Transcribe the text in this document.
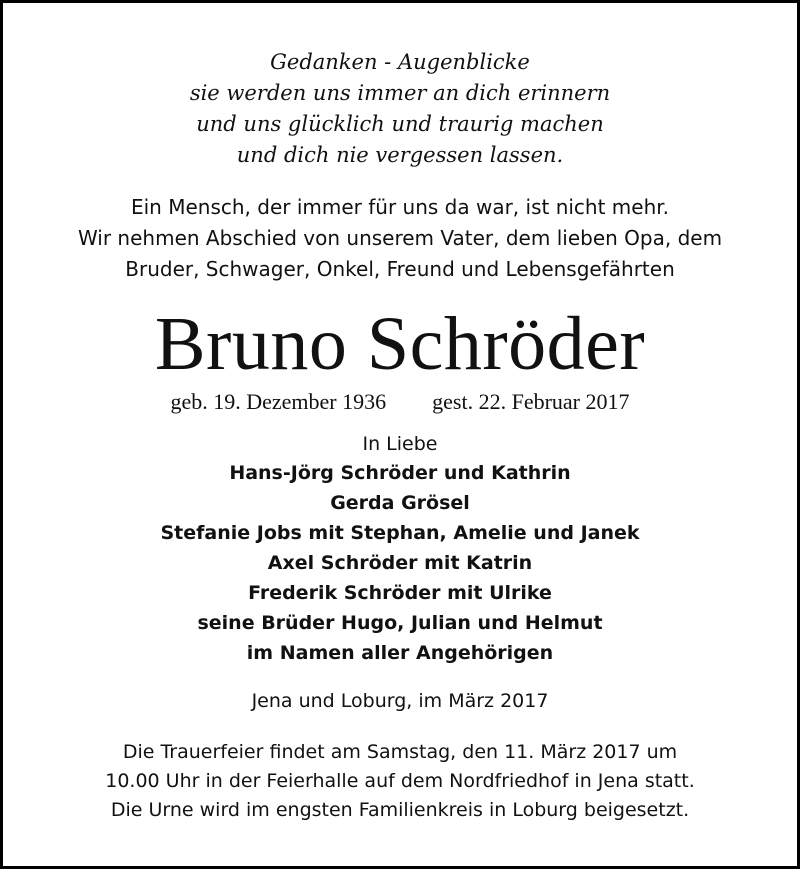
Gedanken - Augenblicke
sie werden uns immer an dich erinnern
und uns glücklich und traurig machen
und dich nie vergessen lassen.
Ein Mensch, der immer für uns da war, ist nicht mehr.
Wir nehmen Abschied von unserem Vater, dem lieben Opa, dem
Bruder, Schwager, Onkel, Freund und Lebensgefährten
Bruno Schröder
geb. 19. Dezember 1936 gest. 22. Februar 2017
In Liebe
Hans-Jörg Schröder und Kathrin
Gerda Grösel
Stefanie Jobs mit Stephan, Amelie und Janek
Axel Schröder mit Katrin
Frederik Schröder mit Ulrike
seine Brüder Hugo, Julian und Helmut
im Namen aller Angehörigen
Jena und Loburg, im März 2017
Die Trauerfeier findet am Samstag, den 11. März 2017 um
10.00 Uhr in der Feierhalle auf dem Nordfriedhof in Jena statt.
Die Urne wird im engsten Familienkreis in Loburg beigesetzt.
